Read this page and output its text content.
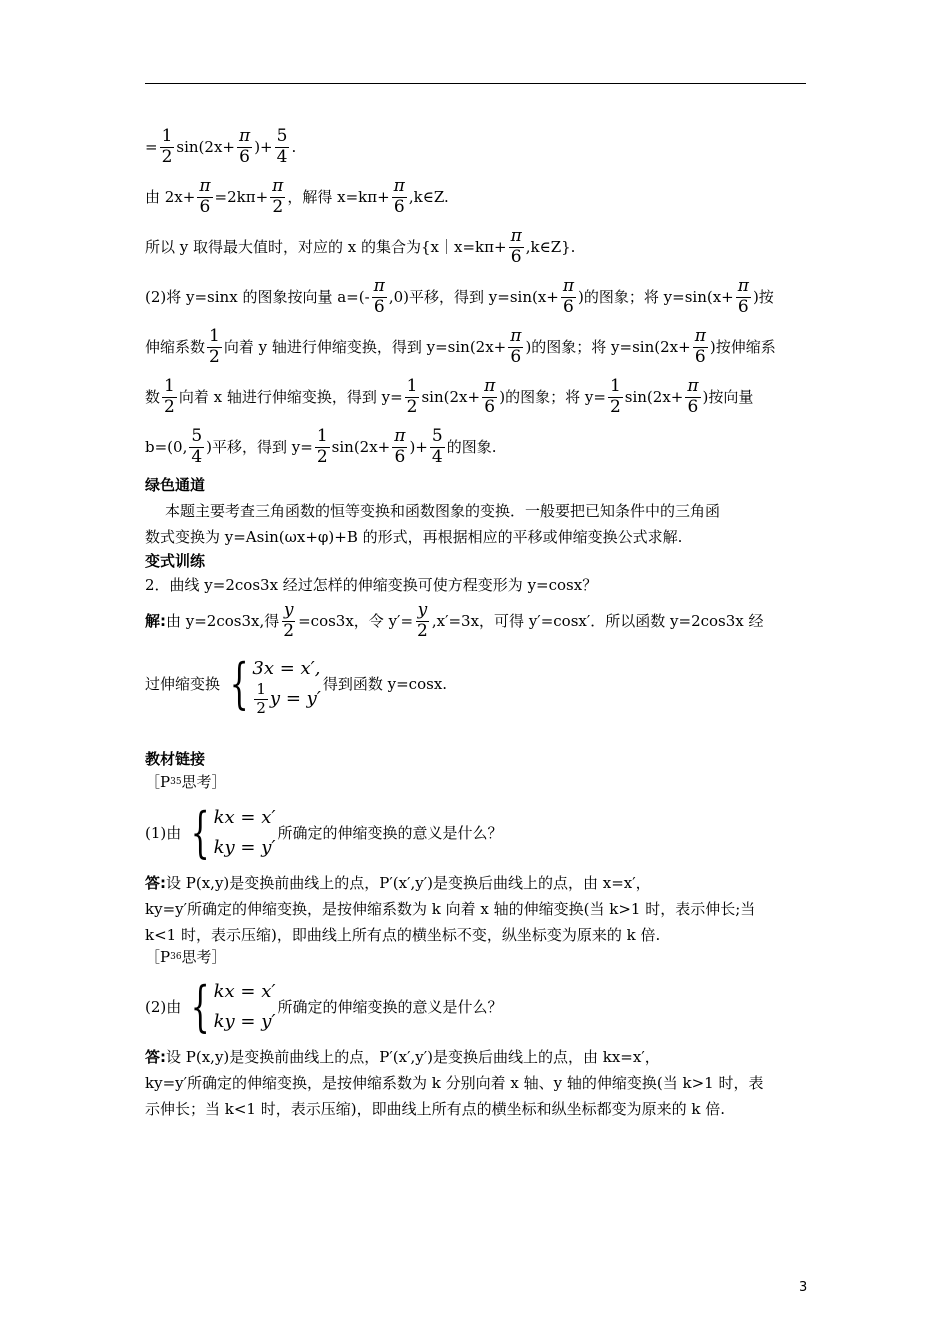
= $\frac{1}{2} \sin(2x+ \frac{\pi}{6}$ )+ $\frac{5}{4}$ .
由 $2x+ \frac{\pi}{6} =2k\pi+ \frac{\pi}{2}$ ，解得 $x=k\pi+ \frac{\pi}{6}$ ,k∈Z.
所以 y 取得最大值时，对应的 x 的集合为{x｜x=kπ+ $\frac{\pi}{6}$ ,k∈Z}.
(2)将 y=sinx 的图象按向量 $a=(- \frac{\pi}{6} ,0)$平移，得到 $y=\sin(x+ \frac{\pi}{6}$ )的图象；将 $y=\sin(x+ \frac{\pi}{6}$ )按
伸缩系数 $\frac{1}{2}$ 向着 y 轴进行伸缩变换，得到 $y=\sin(2x+ \frac{\pi}{6}$ )的图象；将 $y=\sin(2x+ \frac{\pi}{6}$ )按伸缩系
数 $\frac{1}{2}$ 向着 x 轴进行伸缩变换，得到 $y= \frac{1}{2} \sin(2x+ \frac{\pi}{6}$ )的图象；将 $y= \frac{1}{2} \sin(2x+ \frac{\pi}{6}$ )按向量
b=(0, $\frac{5}{4}$ )平移，得到 $y= \frac{1}{2} \sin(2x+ \frac{\pi}{6}$ )+ $\frac{5}{4}$ 的图象.
绿色通道
本题主要考查三角函数的恒等变换和函数图象的变换．一般要把已知条件中的三角函
数式变换为 y=Asin(ωx+φ)+B 的形式，再根据相应的平移或伸缩变换公式求解.
变式训练
2．曲线 y=2cos3x 经过怎样的伸缩变换可使方程变形为 y=cosx？
解: 由 y=2cos3x,得 $\frac{y}{2} =\cos 3x$，令 $y'= \frac{y}{2} ,x'=3x$，可得 y′=cosx′．所以函数 y=2cos3x 经
过伸缩变换 { 3x = x′,
$\frac{1}{2}$ y = y′
得到函数 y=cosx.
教材链接
［P 35 思考］
(1)由 { kx = x′
ky = y′
所确定的伸缩变换的意义是什么？
答: 设 P(x,y)是变换前曲线上的点，P′(x′,y′)是变换后曲线上的点，由 x=x′，
ky=y′所确定的伸缩变换，是按伸缩系数为 k 向着 x 轴的伸缩变换(当 k>1 时，表示伸长;当
k<1 时，表示压缩)，即曲线上所有点的横坐标不变，纵坐标变为原来的 k 倍.
［P 36 思考］
(2)由 { kx = x′
ky = y′
所确定的伸缩变换的意义是什么？
答: 设 P(x,y)是变换前曲线上的点，P′(x′,y′)是变换后曲线上的点，由 kx=x′，
ky=y′所确定的伸缩变换，是按伸缩系数为 k 分别向着 x 轴、y 轴的伸缩变换(当 k>1 时，表
示伸长；当 k<1 时，表示压缩)，即曲线上所有点的横坐标和纵坐标都变为原来的 k 倍.
3
